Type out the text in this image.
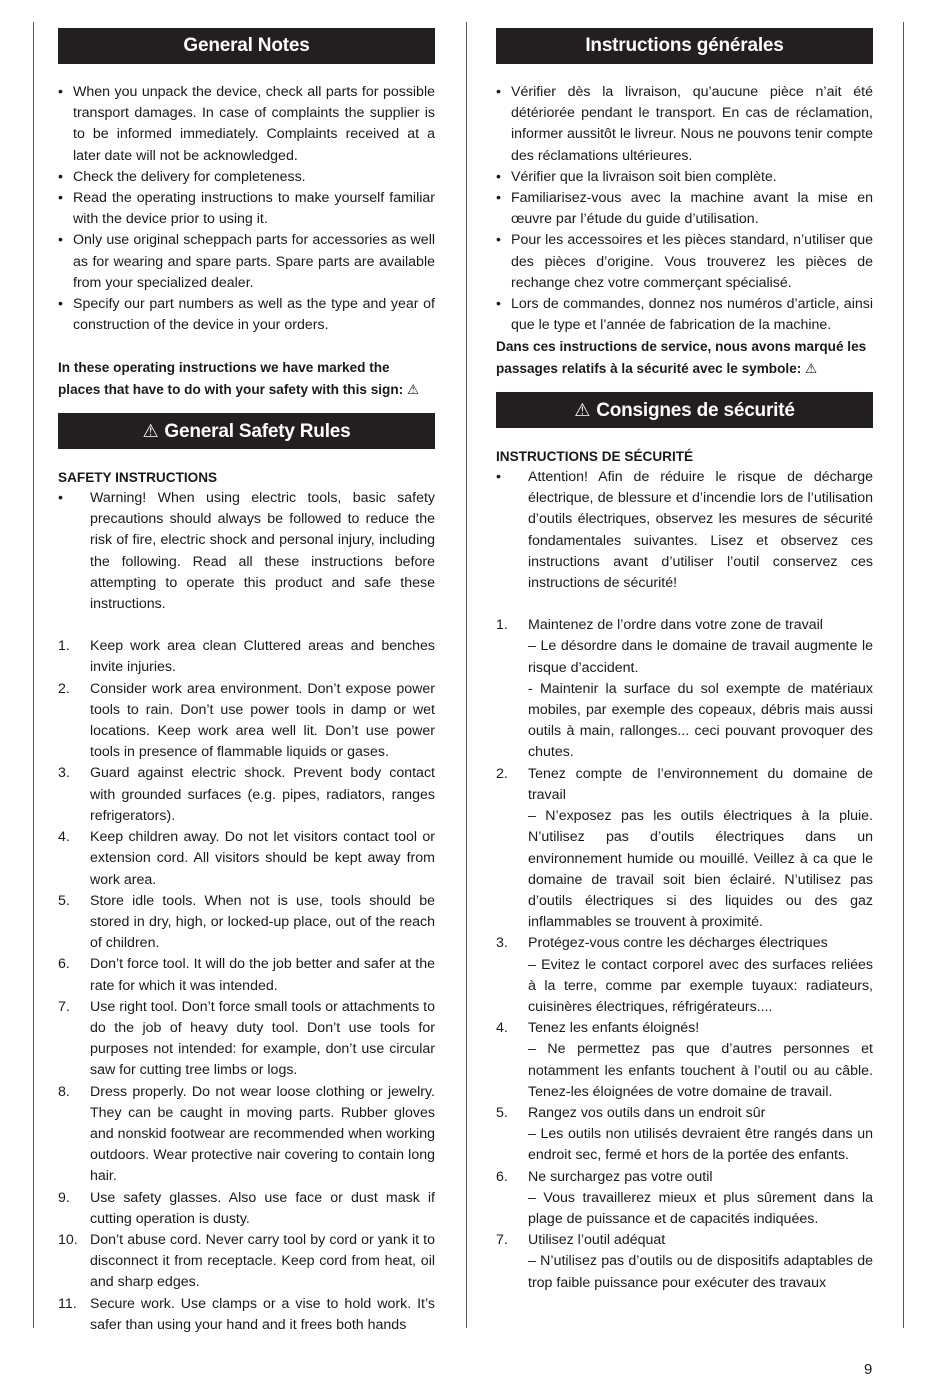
General Notes
• When you unpack the device, check all parts for possible transport damages. In case of complaints the supplier is to be informed immediately. Complaints received at a later date will not be acknowledged.
• Check the delivery for completeness.
• Read the operating instructions to make yourself familiar with the device prior to using it.
• Only use original scheppach parts for accessories as well as for wearing and spare parts. Spare parts are available from your specialized dealer.
• Specify our part numbers as well as the type and year of construction of the device in your orders.
In these operating instructions we have marked the places that have to do with your safety with this sign: ⚠
⚠ General Safety Rules
SAFETY INSTRUCTIONS
• Warning! When using electric tools, basic safety precautions should always be followed to reduce the risk of fire, electric shock and personal injury, including the following. Read all these instructions before attempting to operate this product and safe these instructions.
1. Keep work area clean Cluttered areas and benches invite injuries.
2. Consider work area environment. Don’t expose power tools to rain. Don’t use power tools in damp or wet locations. Keep work area well lit. Don’t use power tools in presence of flammable liquids or gases.
3. Guard against electric shock. Prevent body contact with grounded surfaces (e.g. pipes, radiators, ranges refrigerators).
4. Keep children away. Do not let visitors contact tool or extension cord. All visitors should be kept away from work area.
5. Store idle tools. When not is use, tools should be stored in dry, high, or locked-up place, out of the reach of children.
6. Don’t force tool. It will do the job better and safer at the rate for which it was intended.
7. Use right tool. Don’t force small tools or attachments to do the job of heavy duty tool. Don’t use tools for purposes not intended: for example, don’t use circular saw for cutting tree limbs or logs.
8. Dress properly. Do not wear loose clothing or jewelry. They can be caught in moving parts. Rubber gloves and nonskid footwear are recommended when working outdoors. Wear protective nair covering to contain long hair.
9. Use safety glasses. Also use face or dust mask if cutting operation is dusty.
10. Don’t abuse cord. Never carry tool by cord or yank it to disconnect it from receptacle. Keep cord from heat, oil and sharp edges.
11. Secure work. Use clamps or a vise to hold work. It’s safer than using your hand and it frees both hands
Instructions générales
• Vérifier dès la livraison, qu’aucune pièce n’ait été détériorée pendant le transport. En cas de réclamation, informer aussitôt le livreur. Nous ne pouvons tenir compte des réclamations ultérieures.
• Vérifier que la livraison soit bien complète.
• Familiarisez-vous avec la machine avant la mise en œuvre par l’étude du guide d’utilisation.
• Pour les accessoires et les pièces standard, n’utiliser que des pièces d’origine. Vous trouverez les pièces de rechange chez votre commerçant spécialisé.
• Lors de commandes, donnez nos numéros d’article, ainsi que le type et l’année de fabrication de la machine.
Dans ces instructions de service, nous avons marqué les passages relatifs à la sécurité avec le symbole: ⚠
⚠ Consignes de sécurité
INSTRUCTIONS DE SÉCURITÉ
• Attention! Afin de réduire le risque de décharge électrique, de blessure et d’incendie lors de l’utilisation d’outils électriques, observez les mesures de sécurité fondamentales suivantes. Lisez et observez ces instructions avant d’utiliser l’outil conservez ces instructions de sécurité!
1. Maintenez de l’ordre dans votre zone de travail
– Le désordre dans le domaine de travail augmente le risque d’accident.
- Maintenir la surface du sol exempte de matériaux mobiles, par exemple des copeaux, débris mais aussi outils à main, rallonges... ceci pouvant provoquer des chutes.
2. Tenez compte de l’environnement du domaine de travail
– N’exposez pas les outils électriques à la pluie. N’utilisez pas d’outils électriques dans un environnement humide ou mouillé. Veillez à ca que le domaine de travail soit bien éclairé. N’utilisez pas d’outils électriques si des liquides ou des gaz inflammables se trouvent à proximité.
3. Protégez-vous contre les décharges électriques
– Evitez le contact corporel avec des surfaces reliées à la terre, comme par exemple tuyaux: radiateurs, cuisinères électriques, réfrigérateurs....
4. Tenez les enfants éloignés!
– Ne permettez pas que d’autres personnes et notamment les enfants touchent à l’outil ou au câble. Tenez-les éloignées de votre domaine de travail.
5. Rangez vos outils dans un endroit sûr
– Les outils non utilisés devraient être rangés dans un endroit sec, fermé et hors de la portée des enfants.
6. Ne surchargez pas votre outil
– Vous travaillerez mieux et plus sûrement dans la plage de puissance et de capacités indiquées.
7. Utilisez l’outil adéquat
– N’utilisez pas d’outils ou de dispositifs adaptables de trop faible puissance pour exécuter des travaux
9
